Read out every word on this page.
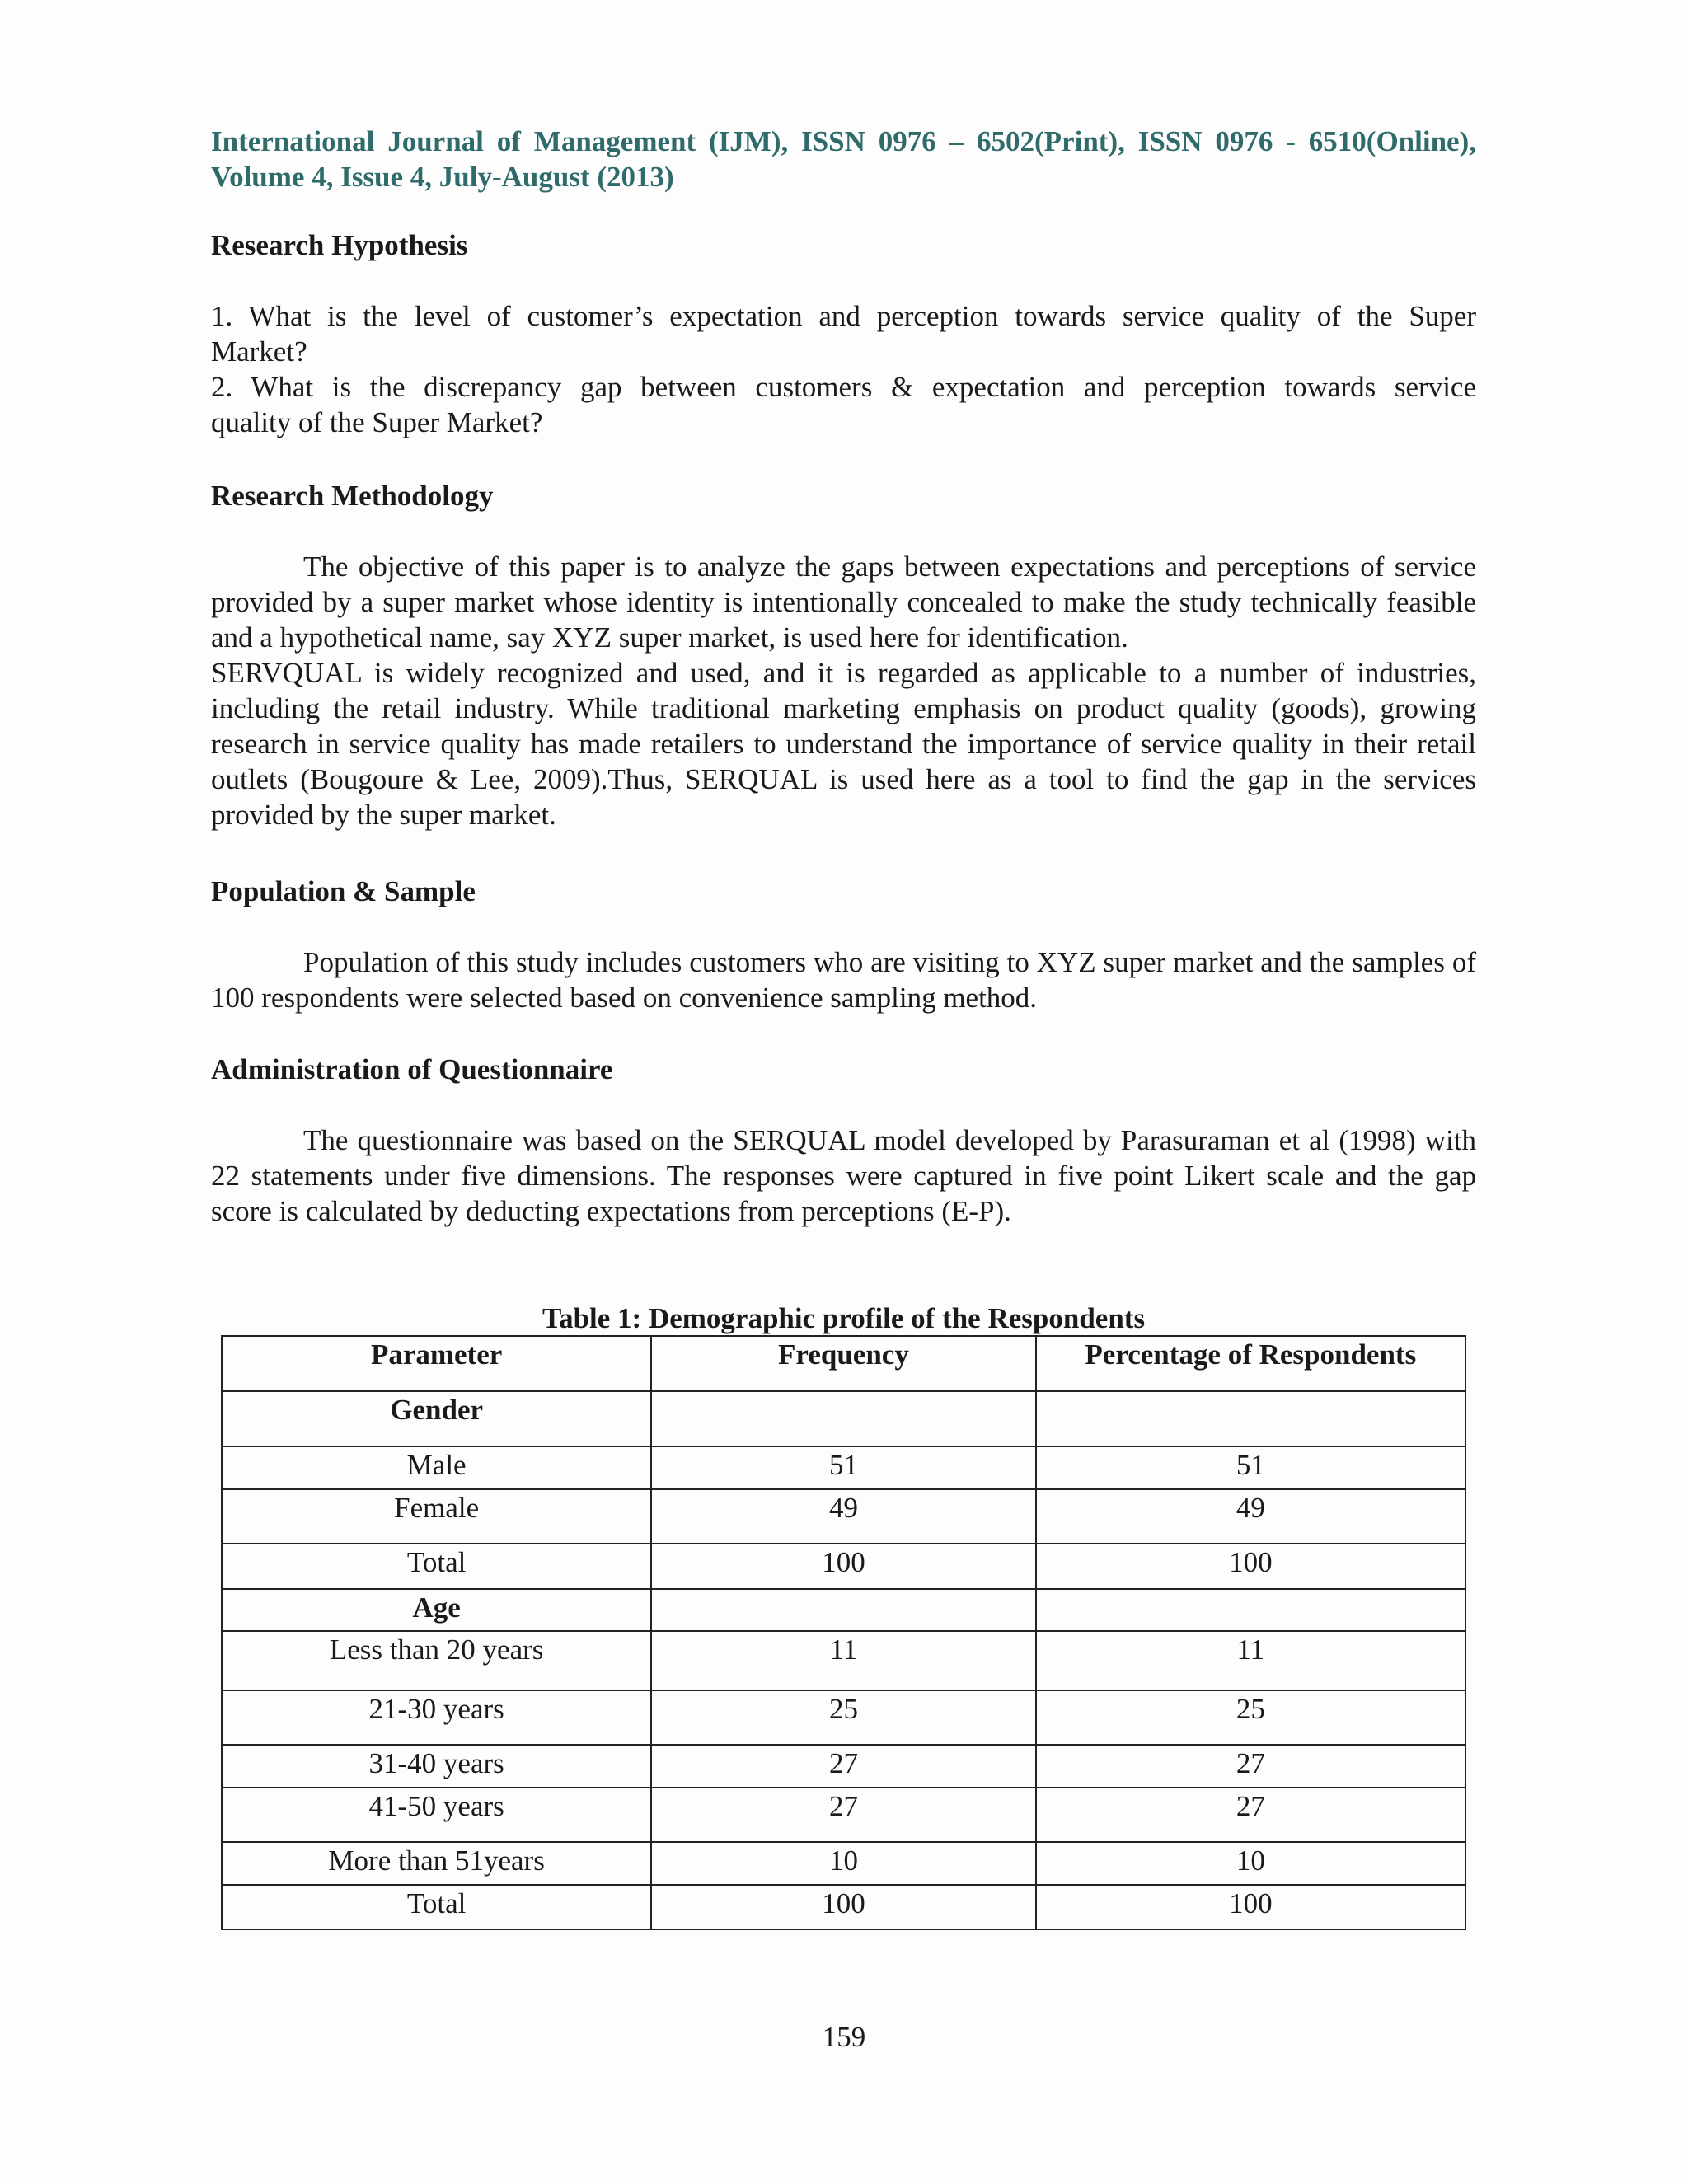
International Journal of Management (IJM), ISSN 0976 – 6502(Print), ISSN 0976 - 6510(Online),
Volume 4, Issue 4, July-August (2013)
Research Hypothesis

1. What is the level of customer’s expectation and perception towards service quality of the Super

Market?

2. What is the discrepancy gap between customers & expectation and perception towards service

quality of the Super Market?

Research Methodology

The objective of this paper is to analyze the gaps between expectations and perceptions of service provided by a super market whose identity is intentionally concealed to make the study technically feasible and a hypothetical name, say XYZ super market, is used here for identification.

SERVQUAL is widely recognized and used, and it is regarded as applicable to a number of industries, including the retail industry. While traditional marketing emphasis on product quality (goods), growing research in service quality has made retailers to understand the importance of service quality in their retail outlets (Bougoure & Lee, 2009).Thus, SERQUAL is used here as a tool to find the gap in the services provided by the super market.

Population & Sample

Population of this study includes customers who are visiting to XYZ super market and the samples of 100 respondents were selected based on convenience sampling method.

Administration of Questionnaire

The questionnaire was based on the SERQUAL model developed by Parasuraman et al (1998) with 22 statements under five dimensions. The responses were captured in five point Likert scale and the gap score is calculated by deducting expectations from perceptions (E-P).

Table 1: Demographic profile of the Respondents
Parameter	Frequency	Percentage of Respondents
Gender		
Male	51	51
Female	49	49
Total	100	100
Age		
Less than 20 years	11	11
21-30 years	25	25
31-40 years	27	27
41-50 years	27	27
More than 51years	10	10
Total	100	100
159
